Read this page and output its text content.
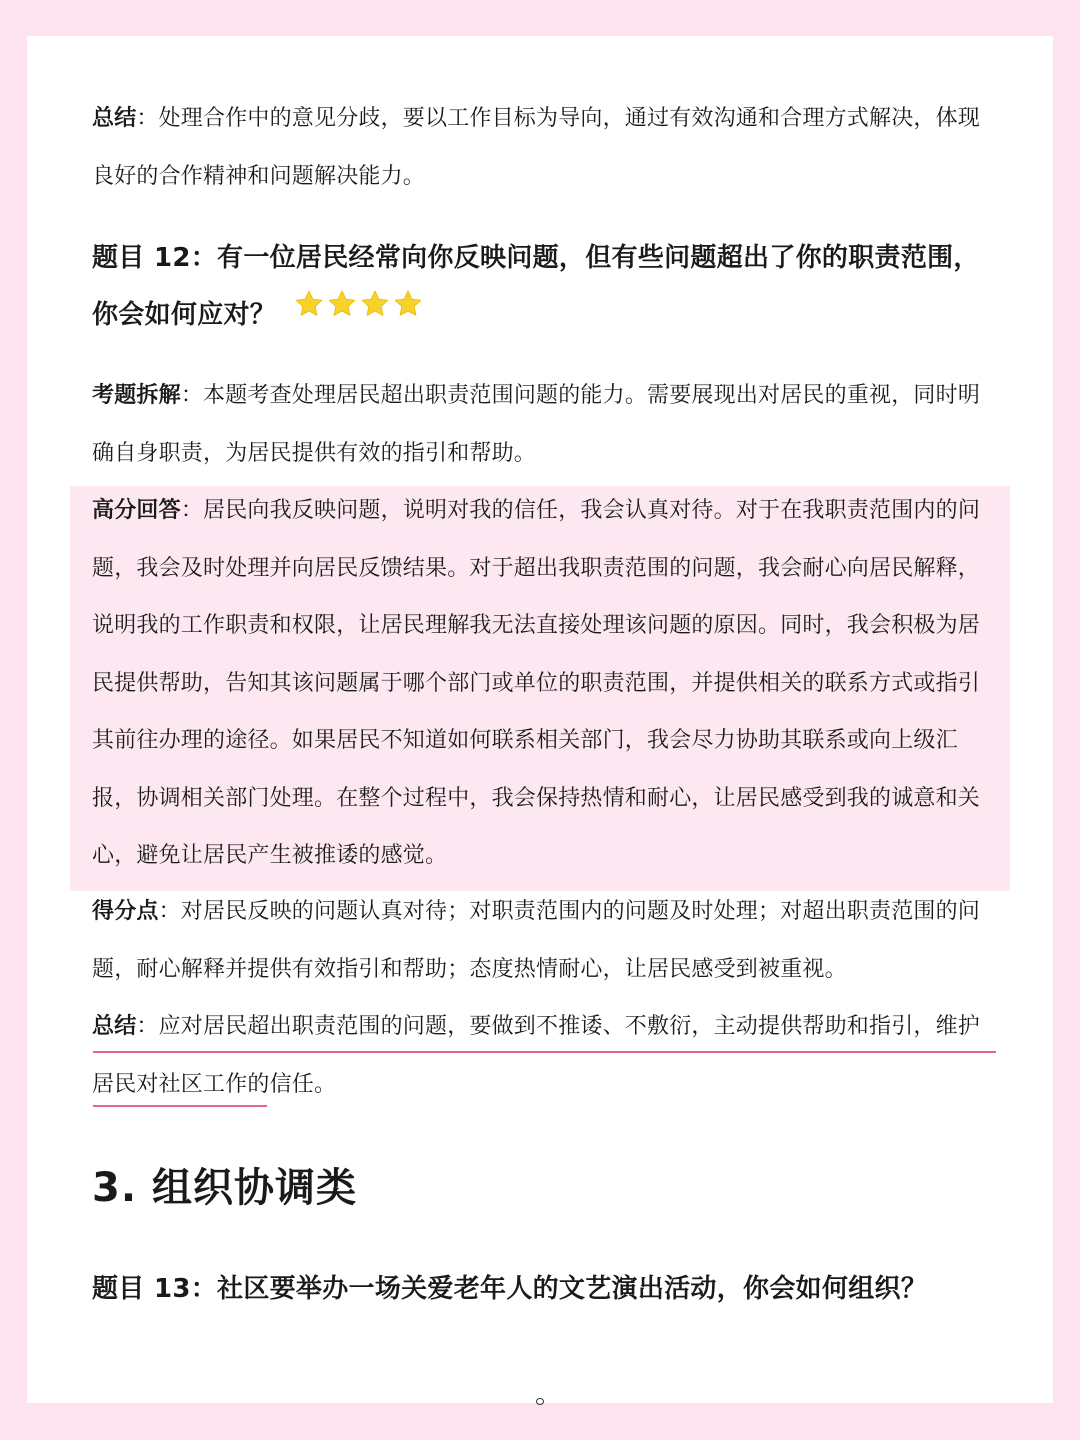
总结：处理合作中的意见分歧，要以工作目标为导向，通过有效沟通和合理方式解决，体现良好的合作精神和问题解决能力。
题目 12：有一位居民经常向你反映问题，但有些问题超出了你的职责范围，你会如何应对？
考题拆解：本题考查处理居民超出职责范围问题的能力。需要展现出对居民的重视，同时明确自身职责，为居民提供有效的指引和帮助。
高分回答：居民向我反映问题，说明对我的信任，我会认真对待。对于在我职责范围内的问题，我会及时处理并向居民反馈结果。对于超出我职责范围的问题，我会耐心向居民解释，说明我的工作职责和权限，让居民理解我无法直接处理该问题的原因。同时，我会积极为居民提供帮助，告知其该问题属于哪个部门或单位的职责范围，并提供相关的联系方式或指引其前往办理的途径。如果居民不知道如何联系相关部门，我会尽力协助其联系或向上级汇报，协调相关部门处理。在整个过程中，我会保持热情和耐心，让居民感受到我的诚意和关心，避免让居民产生被推诿的感觉。
得分点：对居民反映的问题认真对待；对职责范围内的问题及时处理；对超出职责范围的问题，耐心解释并提供有效指引和帮助；态度热情耐心，让居民感受到被重视。
总结：应对居民超出职责范围的问题，要做到不推诿、不敷衍，主动提供帮助和指引，维护居民对社区工作的信任。
3. 组织协调类
题目 13：社区要举办一场关爱老年人的文艺演出活动，你会如何组织？
